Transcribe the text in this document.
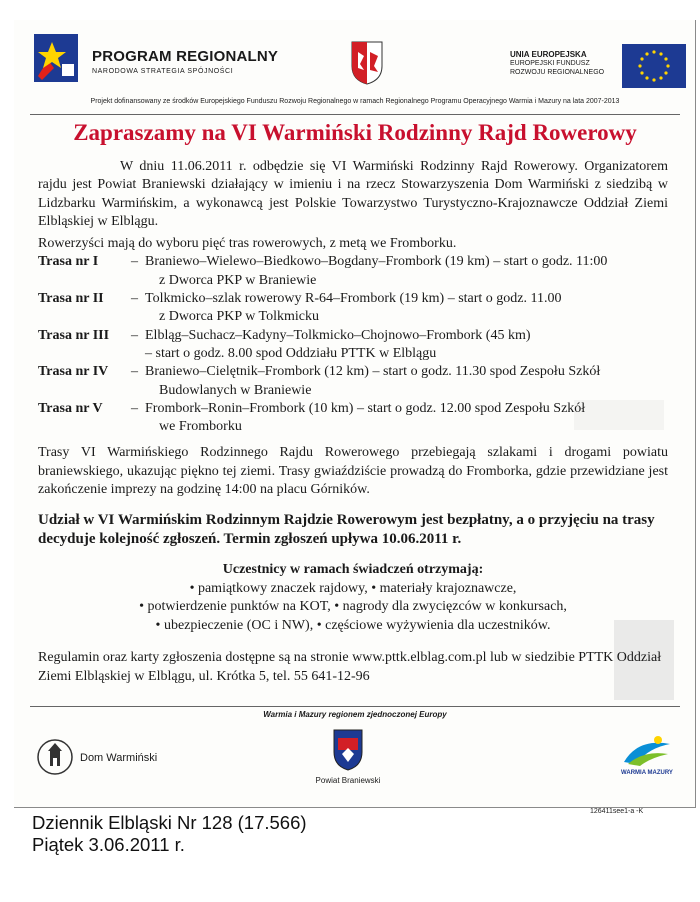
PROGRAM REGIONALNY
NARODOWA STRATEGIA SPÓJNOŚCI
UNIA EUROPEJSKA
EUROPEJSKI FUNDUSZ
ROZWOJU REGIONALNEGO
Projekt dofinansowany ze środków Europejskiego Funduszu Rozwoju Regionalnego w ramach Regionalnego Programu Operacyjnego Warmia i Mazury na lata 2007-2013
Zapraszamy na VI Warmiński Rodzinny Rajd Rowerowy

W dniu 11.06.2011 r. odbędzie się VI Warmiński Rodzinny Rajd Rowerowy. Organizatorem rajdu jest Powiat Braniewski działający w imieniu i na rzecz Stowarzyszenia Dom Warmiński z siedzibą w Lidzbarku Warmińskim, a wykonawcą jest Polskie Towarzystwo Turystyczno-Krajoznawcze Oddział Ziemi Elbląskiej w Elblągu.

Rowerzyści mają do wyboru pięć tras rowerowych, z metą we Fromborku.

Trasa nr I	– Braniewo–Wielewo–Biedkowo–Bogdany–Frombork (19 km) – start o godz. 11:00
z Dworca PKP w Braniewie
Trasa nr II	– Tolkmicko–szlak rowerowy R-64–Frombork (19 km) – start o godz. 11.00
z Dworca PKP w Tolkmicku
Trasa nr III	– Elbląg–Suchacz–Kadyny–Tolkmicko–Chojnowo–Frombork (45 km)
– start o godz. 8.00 spod Oddziału PTTK w Elblągu
Trasa nr IV	– Braniewo–Cielętnik–Frombork (12 km) – start o godz. 11.30 spod Zespołu Szkół
Budowlanych w Braniewie
Trasa nr V	– Frombork–Ronin–Frombork (10 km) – start o godz. 12.00 spod Zespołu Szkół
we Fromborku

Trasy VI Warmińskiego Rodzinnego Rajdu Rowerowego przebiegają szlakami i drogami powiatu braniewskiego, ukazując piękno tej ziemi. Trasy gwiaździście prowadzą do Fromborka, gdzie przewidziane jest zakończenie imprezy na godzinę 14:00 na placu Górników.

Udział w VI Warmińskim Rodzinnym Rajdzie Rowerowym jest bezpłatny, a o przyjęciu na trasy decyduje kolejność zgłoszeń. Termin zgłoszeń upływa 10.06.2011 r.

Uczestnicy w ramach świadczeń otrzymają:
• pamiątkowy znaczek rajdowy, • materiały krajoznawcze,
• potwierdzenie punktów na KOT, • nagrody dla zwycięzców w konkursach,
• ubezpieczenie (OC i NW), • częściowe wyżywienia dla uczestników.

Regulamin oraz karty zgłoszenia dostępne są na stronie www.pttk.elblag.com.pl lub w siedzibie PTTK Oddział Ziemi Elbląskiej w Elblągu, ul. Krótka 5, tel. 55 641-12-96

Warmia i Mazury regionem zjednoczonej Europy
Dom Warmiński
Powiat Braniewski
WARMIA MAZURY
126411see1-a -K
Dziennik Elbląski Nr 128 (17.566)
Piątek 3.06.2011 r.
